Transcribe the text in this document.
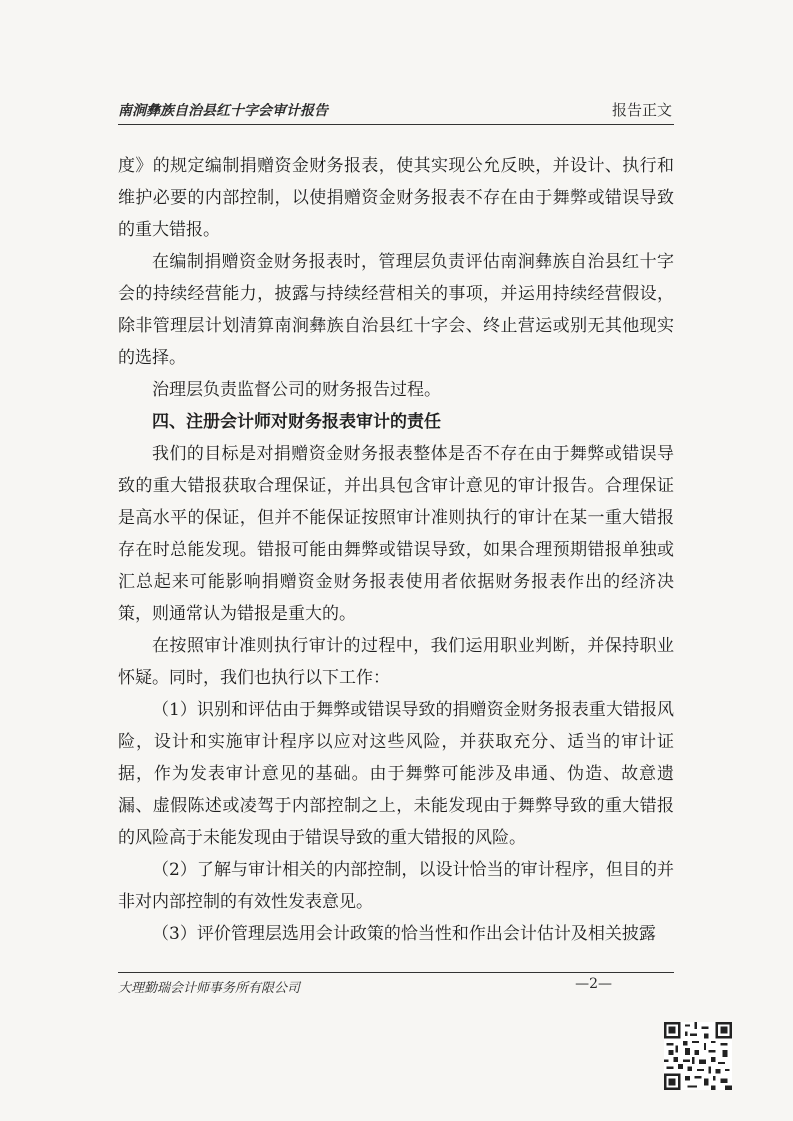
南涧彝族自治县红十字会审计报告	报告正文

度》的规定编制捐赠资金财务报表，使其实现公允反映，并设计、执行和维护必要的内部控制，以使捐赠资金财务报表不存在由于舞弊或错误导致的重大错报。

在编制捐赠资金财务报表时，管理层负责评估南涧彝族自治县红十字会的持续经营能力，披露与持续经营相关的事项，并运用持续经营假设，除非管理层计划清算南涧彝族自治县红十字会、终止营运或别无其他现实的选择。

治理层负责监督公司的财务报告过程。

四、注册会计师对财务报表审计的责任

我们的目标是对捐赠资金财务报表整体是否不存在由于舞弊或错误导致的重大错报获取合理保证，并出具包含审计意见的审计报告。合理保证是高水平的保证，但并不能保证按照审计准则执行的审计在某一重大错报存在时总能发现。错报可能由舞弊或错误导致，如果合理预期错报单独或汇总起来可能影响捐赠资金财务报表使用者依据财务报表作出的经济决策，则通常认为错报是重大的。

在按照审计准则执行审计的过程中，我们运用职业判断，并保持职业怀疑。同时，我们也执行以下工作：

（1）识别和评估由于舞弊或错误导致的捐赠资金财务报表重大错报风险，设计和实施审计程序以应对这些风险，并获取充分、适当的审计证据，作为发表审计意见的基础。由于舞弊可能涉及串通、伪造、故意遗漏、虚假陈述或凌驾于内部控制之上，未能发现由于舞弊导致的重大错报的风险高于未能发现由于错误导致的重大错报的风险。

（2）了解与审计相关的内部控制，以设计恰当的审计程序，但目的并非对内部控制的有效性发表意见。

（3）评价管理层选用会计政策的恰当性和作出会计估计及相关披露

大理勤瑞会计师事务所有限公司	—2—
